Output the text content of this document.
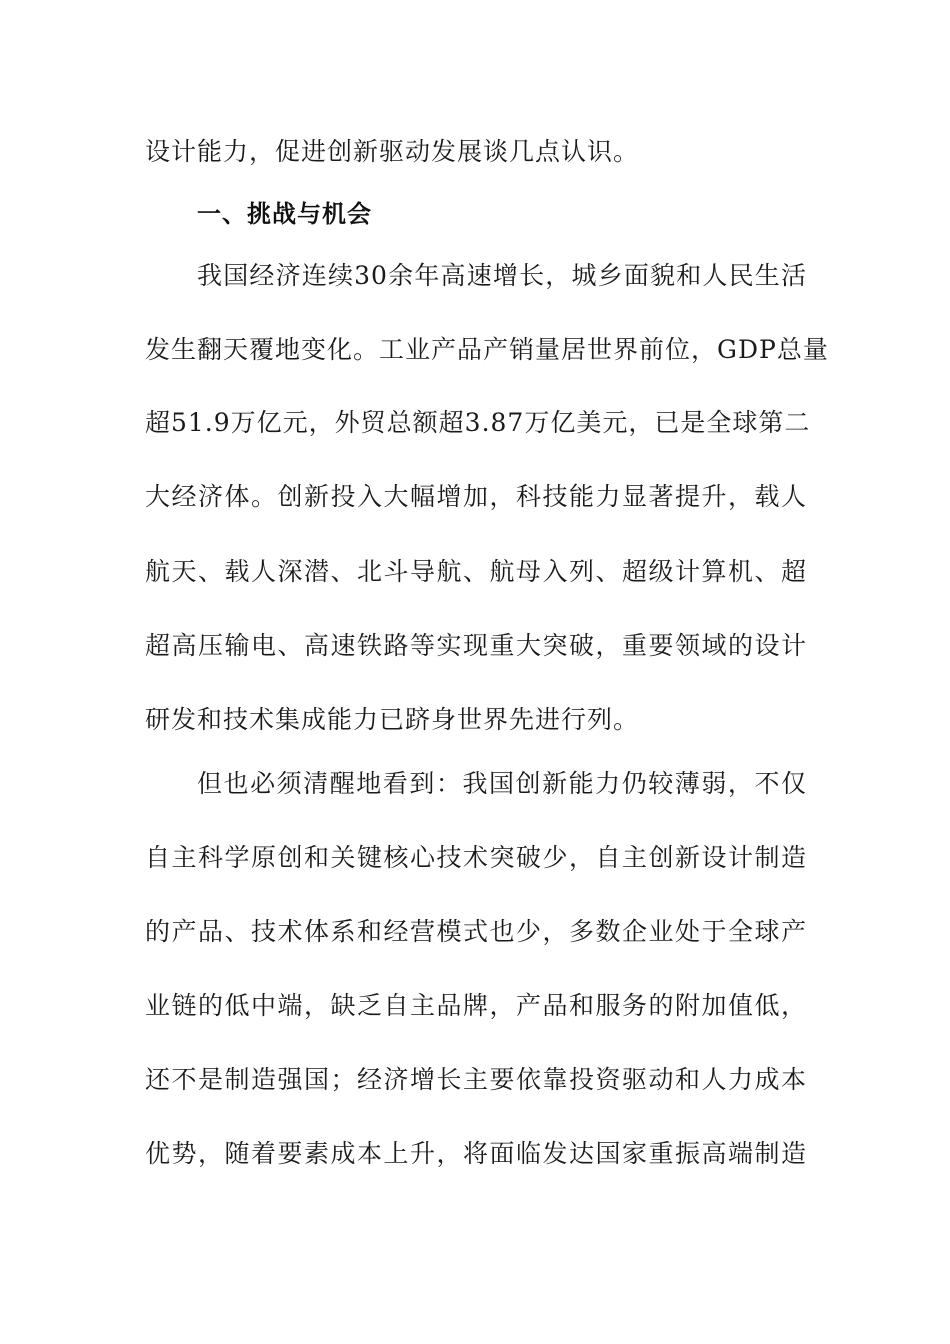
设计能力，促进创新驱动发展谈几点认识。
一、挑战与机会
我国经济连续30余年高速增长，城乡面貌和人民生活
发生翻天覆地变化。工业产品产销量居世界前位，GDP总量
超51.9万亿元，外贸总额超3.87万亿美元，已是全球第二
大经济体。创新投入大幅增加，科技能力显著提升，载人
航天、载人深潜、北斗导航、航母入列、超级计算机、超
超高压输电、高速铁路等实现重大突破，重要领域的设计
研发和技术集成能力已跻身世界先进行列。
但也必须清醒地看到：我国创新能力仍较薄弱，不仅
自主科学原创和关键核心技术突破少，自主创新设计制造
的产品、技术体系和经营模式也少，多数企业处于全球产
业链的低中端，缺乏自主品牌，产品和服务的附加值低，
还不是制造强国；经济增长主要依靠投资驱动和人力成本
优势，随着要素成本上升，将面临发达国家重振高端制造
